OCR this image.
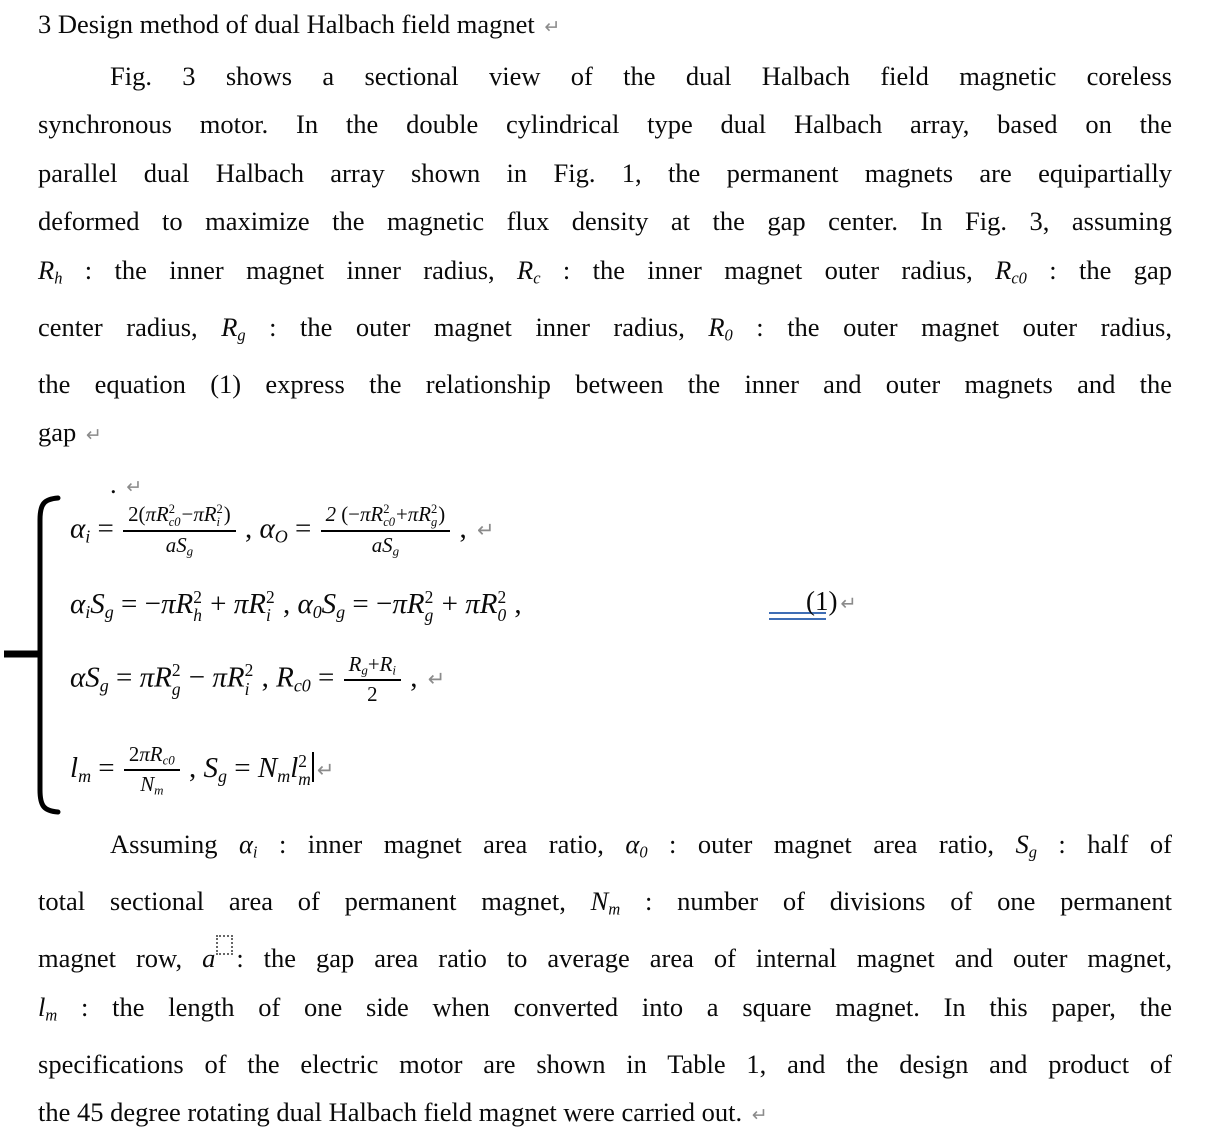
3 Design method of dual Halbach field magnet ↵
Fig. 3 shows a sectional view of the dual Halbach field magnetic coreless
synchronous motor. In the double cylindrical type dual Halbach array, based on the
parallel dual Halbach array shown in Fig. 1, the permanent magnets are equipartially
deformed to maximize the magnetic flux density at the gap center. In Fig. 3, assuming
Rh : the inner magnet inner radius, Rc : the inner magnet outer radius, Rc0 : the gap
center radius, Rg : the outer magnet inner radius, R0 : the outer magnet outer radius,
the equation (1) express the relationship between the inner and outer magnets and the
gap ↵
. ↵
αi = 2(πR 2
c0 −πR 2
i )
aSg , αO = 2 (−πR 2
c0 +πR 2
g )
aSg , ↵
αiSg = −πR 2
h + πR 2
i , α0Sg = −πR 2
g + πR 2
0 ,
αSg = πR 2
g − πR 2
i , $Rc0 = \frac{Rg+Ri}{2}$ , ↵
lm = $\frac{\text{2πRc0}}{Nm}$ , Sg = Nml 2
m ↵
(1) ↵
Assuming αi : inner magnet area ratio, α0 : outer magnet area ratio, Sg : half of
total sectional area of permanent magnet, Nm : number of divisions of one permanent
magnet row, a : the gap area ratio to average area of internal magnet and outer magnet,
lm : the length of one side when converted into a square magnet. In this paper, the
specifications of the electric motor are shown in Table 1, and the design and product of
the 45 degree rotating dual Halbach field magnet were carried out. ↵
